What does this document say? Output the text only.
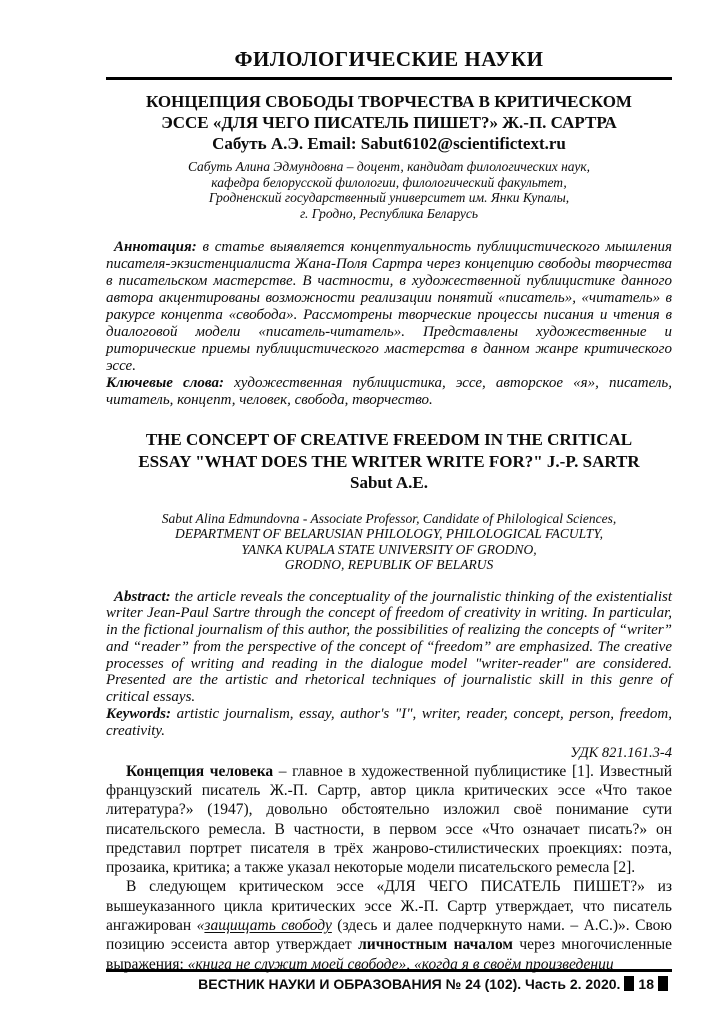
ФИЛОЛОГИЧЕСКИЕ НАУКИ
КОНЦЕПЦИЯ СВОБОДЫ ТВОРЧЕСТВА В КРИТИЧЕСКОМ
ЭССЕ «ДЛЯ ЧЕГО ПИСАТЕЛЬ ПИШЕТ?» Ж.-П. САРТРА
Сабуть А.Э. Email: Sabut6102@scientifictext.ru
Сабуть Алина Эдмундовна – доцент, кандидат филологических наук,
кафедра белорусской филологии, филологический факультет,
Гродненский государственный университет им. Янки Купалы,
г. Гродно, Республика Беларусь

Аннотация: в статье выявляется концептуальность публицистического мышления писателя-экзистенциалиста Жана-Поля Сартра через концепцию свободы творчества в писательском мастерстве. В частности, в художественной публицистике данного автора акцентированы возможности реализации понятий «писатель», «читатель» в ракурсе концепта «свобода». Рассмотрены творческие процессы писания и чтения в диалоговой модели «писатель-читатель». Представлены художественные и риторические приемы публицистического мастерства в данном жанре критического эссе.

Ключевые слова: художественная публицистика, эссе, авторское «я», писатель, читатель, концепт, человек, свобода, творчество.

THE CONCEPT OF CREATIVE FREEDOM IN THE CRITICAL
ESSAY "WHAT DOES THE WRITER WRITE FOR?" J.-P. SARTR
Sabut A.E.
Sabut Alina Edmundovna - Associate Professor, Candidate of Philological Sciences,
DEPARTMENT OF BELARUSIAN PHILOLOGY, PHILOLOGICAL FACULTY,
YANKA KUPALA STATE UNIVERSITY OF GRODNO,
GRODNO, REPUBLIK OF BELARUS

Abstract: the article reveals the conceptuality of the journalistic thinking of the existentialist writer Jean-Paul Sartre through the concept of freedom of creativity in writing. In particular, in the fictional journalism of this author, the possibilities of realizing the concepts of “writer” and “reader” from the perspective of the concept of “freedom” are emphasized. The creative processes of writing and reading in the dialogue model "writer-reader" are considered. Presented are the artistic and rhetorical techniques of journalistic skill in this genre of critical essays.

Keywords: artistic journalism, essay, author's "I", writer, reader, concept, person, freedom, creativity.

УДК 821.161.3-4

Концепция человека – главное в художественной публицистике [1]. Известный французский писатель Ж.-П. Сартр, автор цикла критических эссе «Что такое литература?» (1947), довольно обстоятельно изложил своё понимание сути писательского ремесла. В частности, в первом эссе «Что означает писать?» он представил портрет писателя в трёх жанрово-стилистических проекциях: поэта, прозаика, критика; а также указал некоторые модели писательского ремесла [2].

В следующем критическом эссе «ДЛЯ ЧЕГО ПИСАТЕЛЬ ПИШЕТ?» из вышеуказанного цикла критических эссе Ж.-П. Сартр утверждает, что писатель ангажирован «защищать свободу (здесь и далее подчеркнуто нами. – А.С.)». Свою позицию эссеиста автор утверждает личностным началом через многочисленные выражения: «книга не служит моей свободе», «когда я в своём произведении

ВЕСТНИК НАУКИ И ОБРАЗОВАНИЯ № 24 (102). Часть 2. 2020. 18
